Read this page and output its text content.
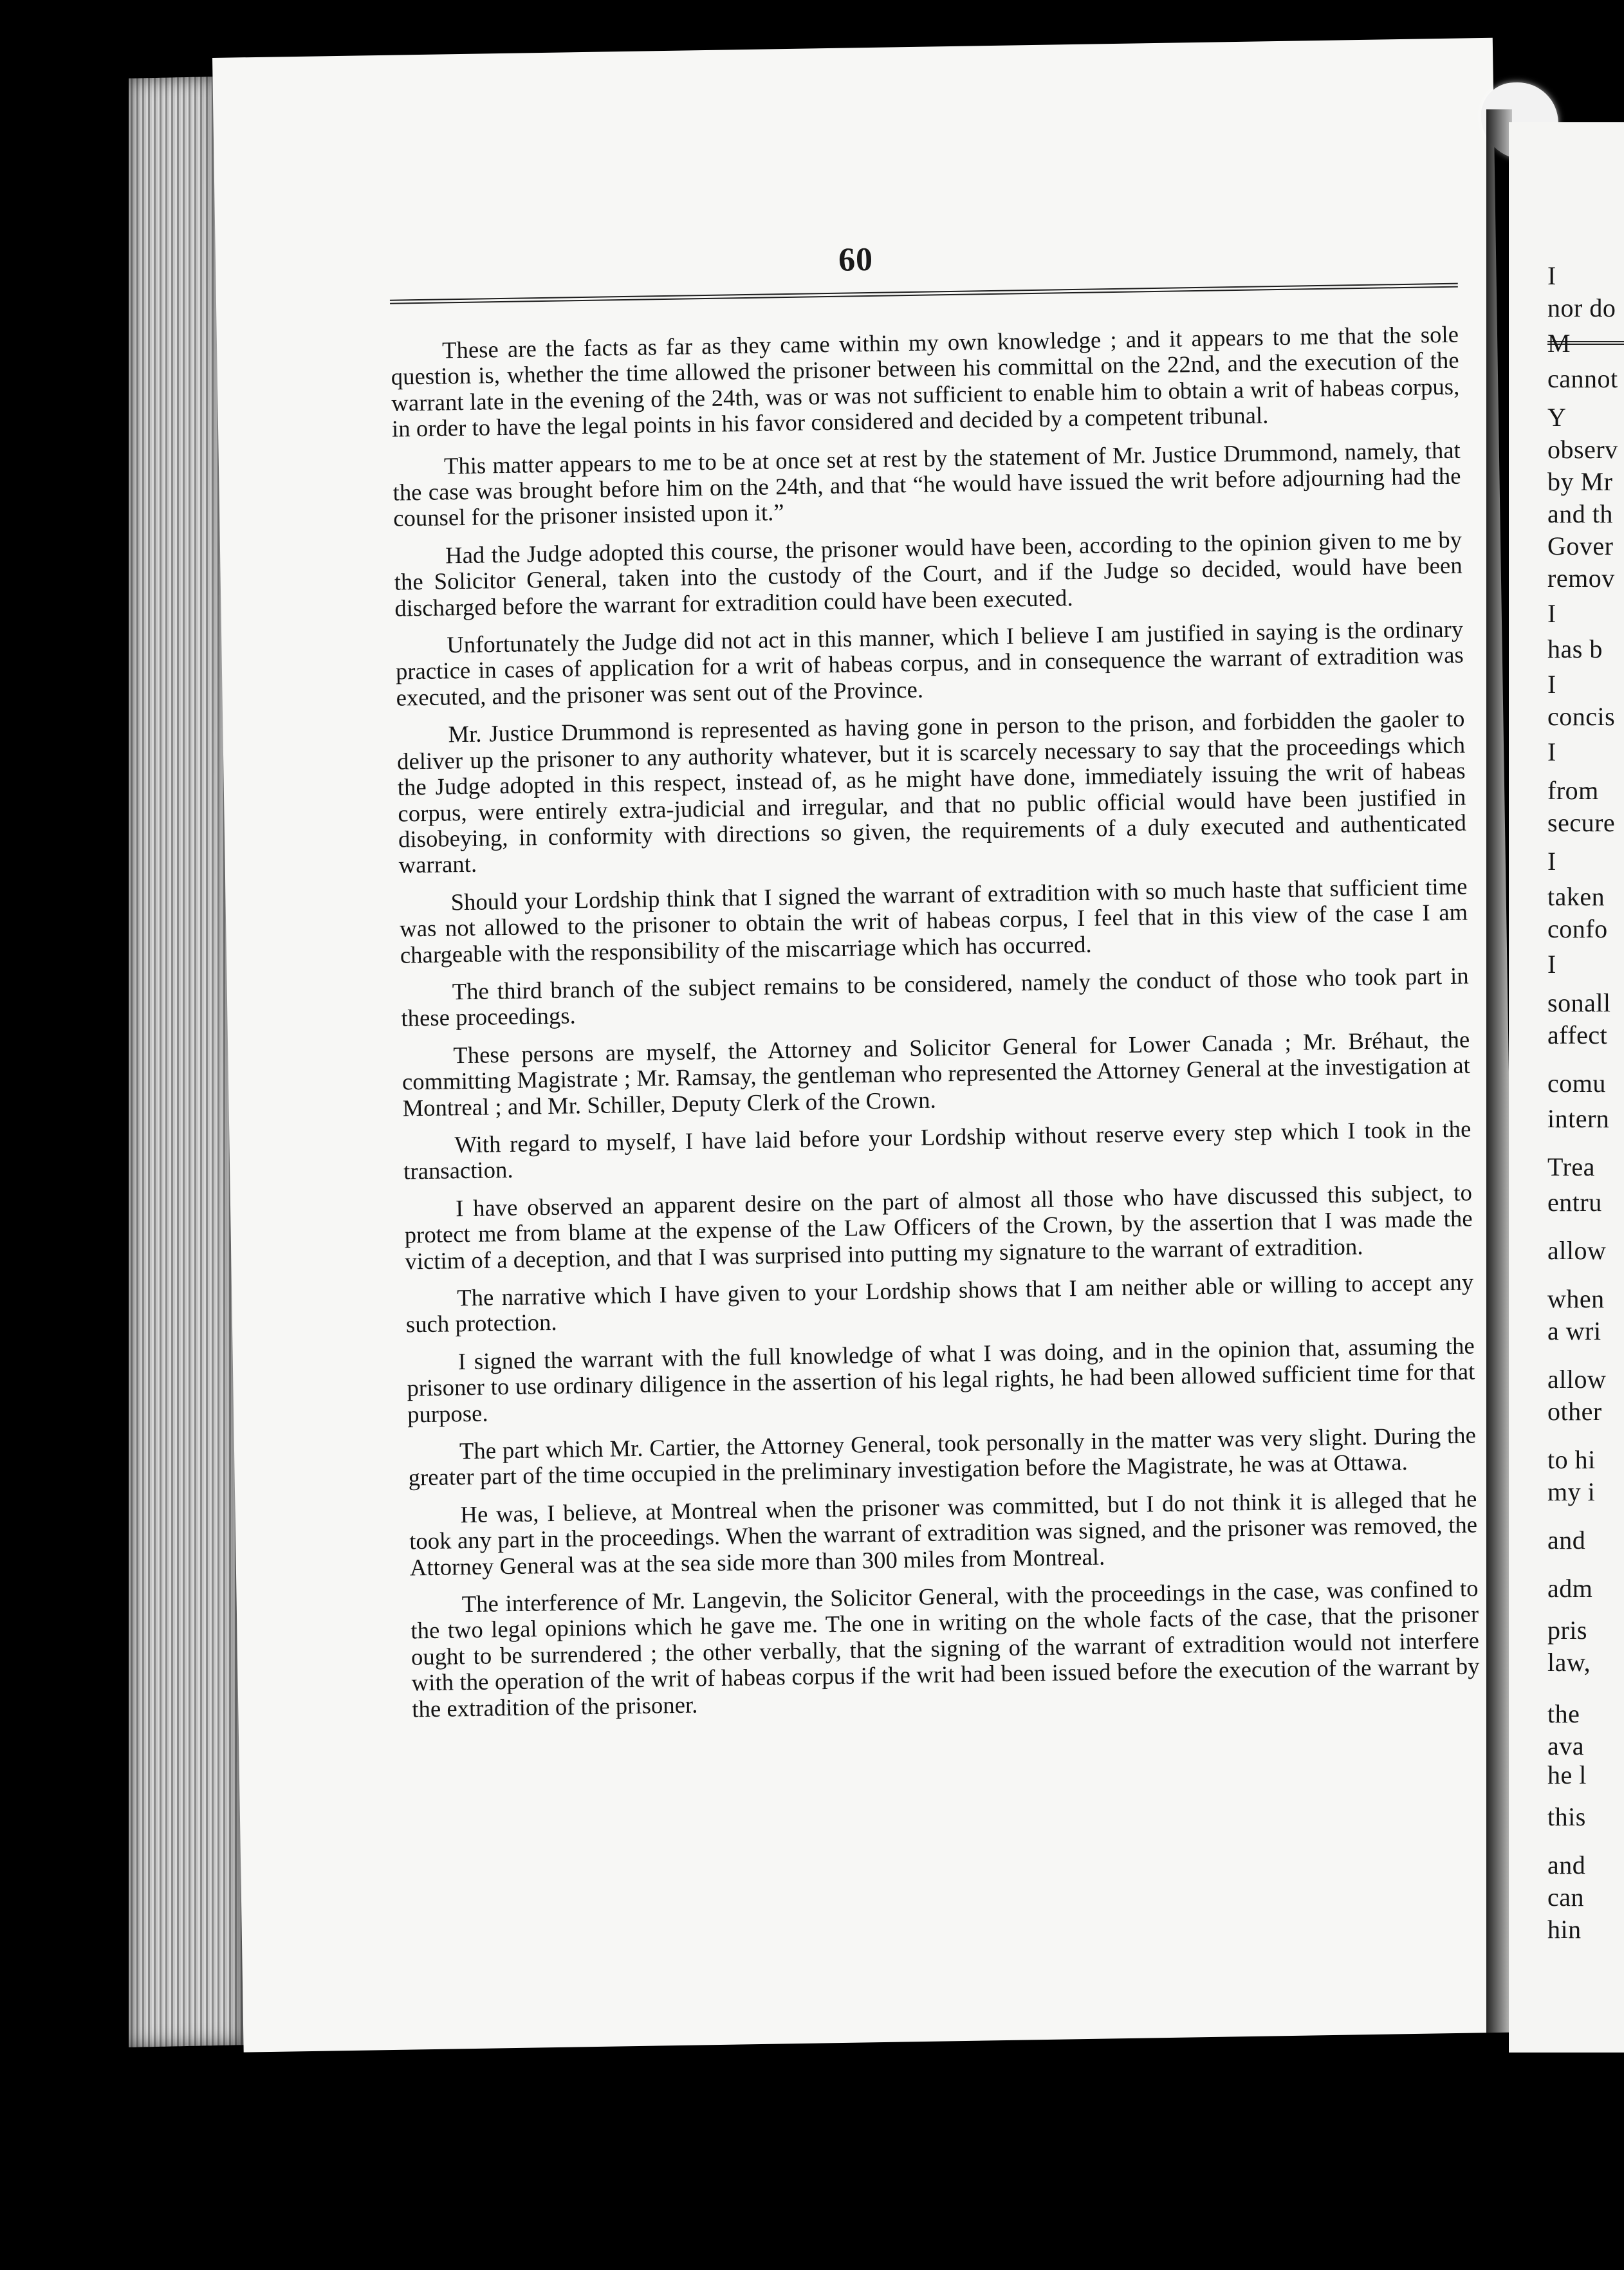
60

These are the facts as far as they came within my own knowledge ; and it appears to me that the sole question is, whether the time allowed the prisoner between his committal on the 22nd, and the execution of the warrant late in the evening of the 24th, was or was not sufficient to enable him to obtain a writ of habeas corpus, in order to have the legal points in his favor considered and decided by a competent tribunal.

This matter appears to me to be at once set at rest by the statement of Mr. Justice Drummond, namely, that the case was brought before him on the 24th, and that “he would have issued the writ before adjourning had the counsel for the prisoner insisted upon it.”

Had the Judge adopted this course, the prisoner would have been, according to the opinion given to me by the Solicitor General, taken into the custody of the Court, and if the Judge so decided, would have been discharged before the warrant for extradition could have been executed.

Unfortunately the Judge did not act in this manner, which I believe I am justified in saying is the ordinary practice in cases of application for a writ of habeas corpus, and in consequence the warrant of extradition was executed, and the prisoner was sent out of the Province.

Mr. Justice Drummond is represented as having gone in person to the prison, and forbidden the gaoler to deliver up the prisoner to any authority whatever, but it is scarcely necessary to say that the proceedings which the Judge adopted in this respect, instead of, as he might have done, immediately issuing the writ of habeas corpus, were entirely extra-judicial and irregular, and that no public official would have been justified in disobeying, in conformity with directions so given, the requirements of a duly executed and authenticated warrant.

Should your Lordship think that I signed the warrant of extradition with so much haste that sufficient time was not allowed to the prisoner to obtain the writ of habeas corpus, I feel that in this view of the case I am chargeable with the responsibility of the miscarriage which has occurred.

The third branch of the subject remains to be considered, namely the conduct of those who took part in these proceedings.

These persons are myself, the Attorney and Solicitor General for Lower Canada ; Mr. Bréhaut, the committing Magistrate ; Mr. Ramsay, the gentleman who represented the Attorney General at the investigation at Montreal ; and Mr. Schiller, Deputy Clerk of the Crown.

With regard to myself, I have laid before your Lordship without reserve every step which I took in the transaction.

I have observed an apparent desire on the part of almost all those who have discussed this subject, to protect me from blame at the expense of the Law Officers of the Crown, by the assertion that I was made the victim of a deception, and that I was surprised into putting my signature to the warrant of extradition.

The narrative which I have given to your Lordship shows that I am neither able or willing to accept any such protection.

I signed the warrant with the full knowledge of what I was doing, and in the opinion that, assuming the prisoner to use ordinary diligence in the assertion of his legal rights, he had been allowed sufficient time for that purpose.

The part which Mr. Cartier, the Attorney General, took personally in the matter was very slight. During the greater part of the time occupied in the preliminary investigation before the Magistrate, he was at Ottawa.

He was, I believe, at Montreal when the prisoner was committed, but I do not think it is alleged that he took any part in the proceedings. When the warrant of extradition was signed, and the prisoner was removed, the Attorney General was at the sea side more than 300 miles from Montreal.

The interference of Mr. Langevin, the Solicitor General, with the proceedings in the case, was confined to the two legal opinions which he gave me. The one in writing on the whole facts of the case, that the prisoner ought to be surrendered ; the other verbally, that the signing of the warrant of extradition would not interfere with the operation of the writ of habeas corpus if the writ had been issued before the execution of the warrant by the extradition of the prisoner.

I
nor do
M
cannot
Y
observ
by Mr
and th
Gover
remov
I
has b
I
concis
I
from
secure
I
taken
confo
I
sonall
affect
comu
intern
Trea
entru
allow
when
a wri
allow
other
to hi
my i
and
adm
pris
law,
the
ava
he l
this
and
can
hin
